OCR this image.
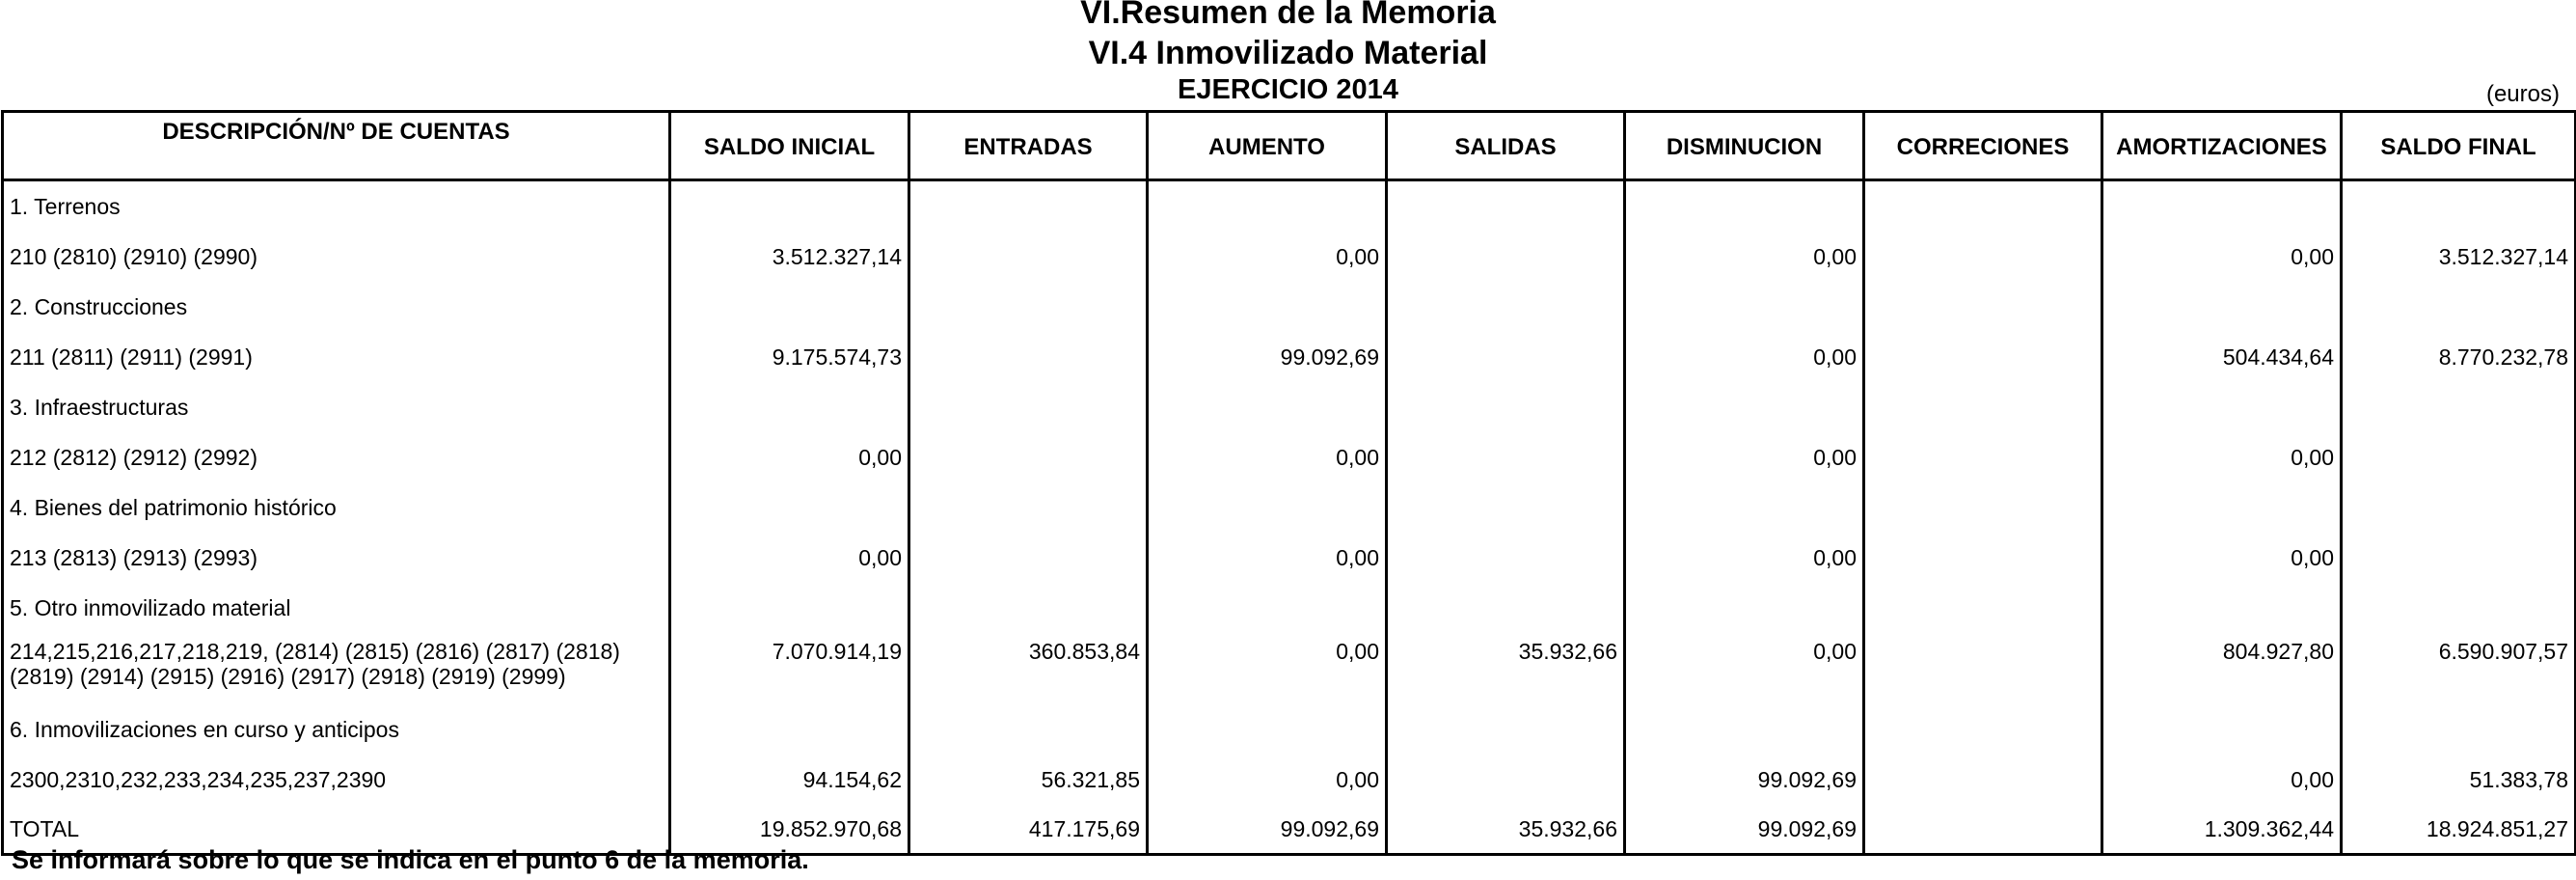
VI.Resumen de la Memoria
VI.4 Inmovilizado Material
EJERCICIO 2014	(euros)
DESCRIPCIÓN/Nº DE CUENTAS	SALDO INICIAL	ENTRADAS	AUMENTO	SALIDAS	DISMINUCION	CORRECIONES	AMORTIZACIONES	SALDO FINAL
1. Terrenos								
210 (2810) (2910) (2990)	3.512.327,14		0,00		0,00		0,00	3.512.327,14
2. Construcciones								
211 (2811) (2911) (2991)	9.175.574,73		99.092,69		0,00		504.434,64	8.770.232,78
3. Infraestructuras								
212 (2812) (2912) (2992)	0,00		0,00		0,00		0,00	
4. Bienes del patrimonio histórico								
213 (2813) (2913) (2993)	0,00		0,00		0,00		0,00	
5. Otro inmovilizado material								
214,215,216,217,218,219, (2814) (2815) (2816) (2817) (2818) (2819) (2914) (2915) (2916) (2917) (2918) (2919) (2999)	7.070.914,19	360.853,84	0,00	35.932,66	0,00		804.927,80	6.590.907,57
6. Inmovilizaciones en curso y anticipos								
2300,2310,232,233,234,235,237,2390	94.154,62	56.321,85	0,00		99.092,69		0,00	51.383,78
TOTAL	19.852.970,68	417.175,69	99.092,69	35.932,66	99.092,69		1.309.362,44	18.924.851,27
Se informará sobre lo que se indica en el punto 6 de la memoria.
